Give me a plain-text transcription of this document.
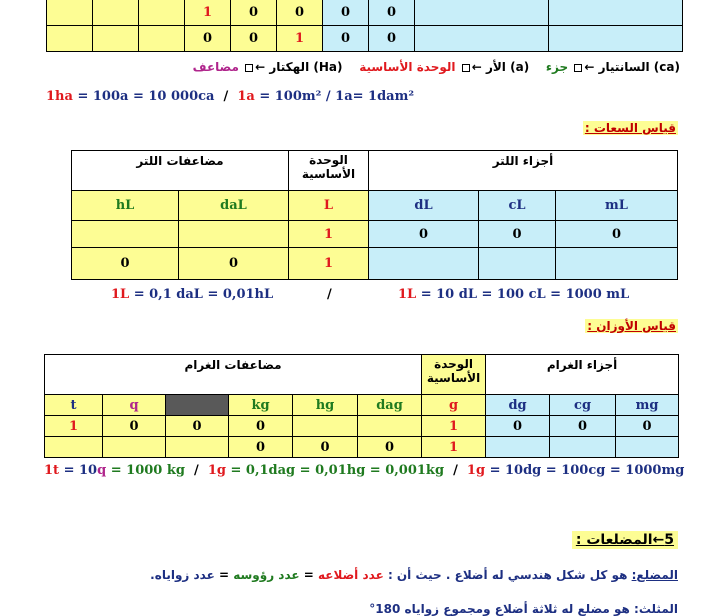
			1	0	0	0	0		
			0	0	1	0	0		
(ca) السانتيار ← جزء    (a) الأر ← الوحدة الأساسية    (Ha) الهكتار ← مضاعف
1ha = 100a = 10 000ca / 1a = 100m² / 1a= 1dam²
قياس السعات :
مضاعفات اللتر		الوحدة الأساسية	أجزاء اللتر		
hL	daL	L	dL	cL	mL
		1	0	0	0
0	0	1			
1L = 0,1 daL = 0,01hL	/	1L = 10 dL = 100 cL = 1000 mL
قياس الأوزان :
مضاعفات الغرام						الوحدة الأساسية	أجزاء الغرام		
t	q		kg	hg	dag	g	dg	cg	mg
1	0	0	0			1	0	0	0
			0	0	0	1			
1t = 10q = 1000 kg / 1g = 0,1dag = 0,01hg = 0,001kg / 1g = 10dg = 100cg = 1000mg
5←المضلعات :
المضلع: هو كل شكل هندسي له أضلاع . حيث أن : عدد أضلاعه = عدد رؤوسه = عدد زواياه.
المثلث: هو مضلع له ثلاثة أضلاع ومجموع زواياه 180°
